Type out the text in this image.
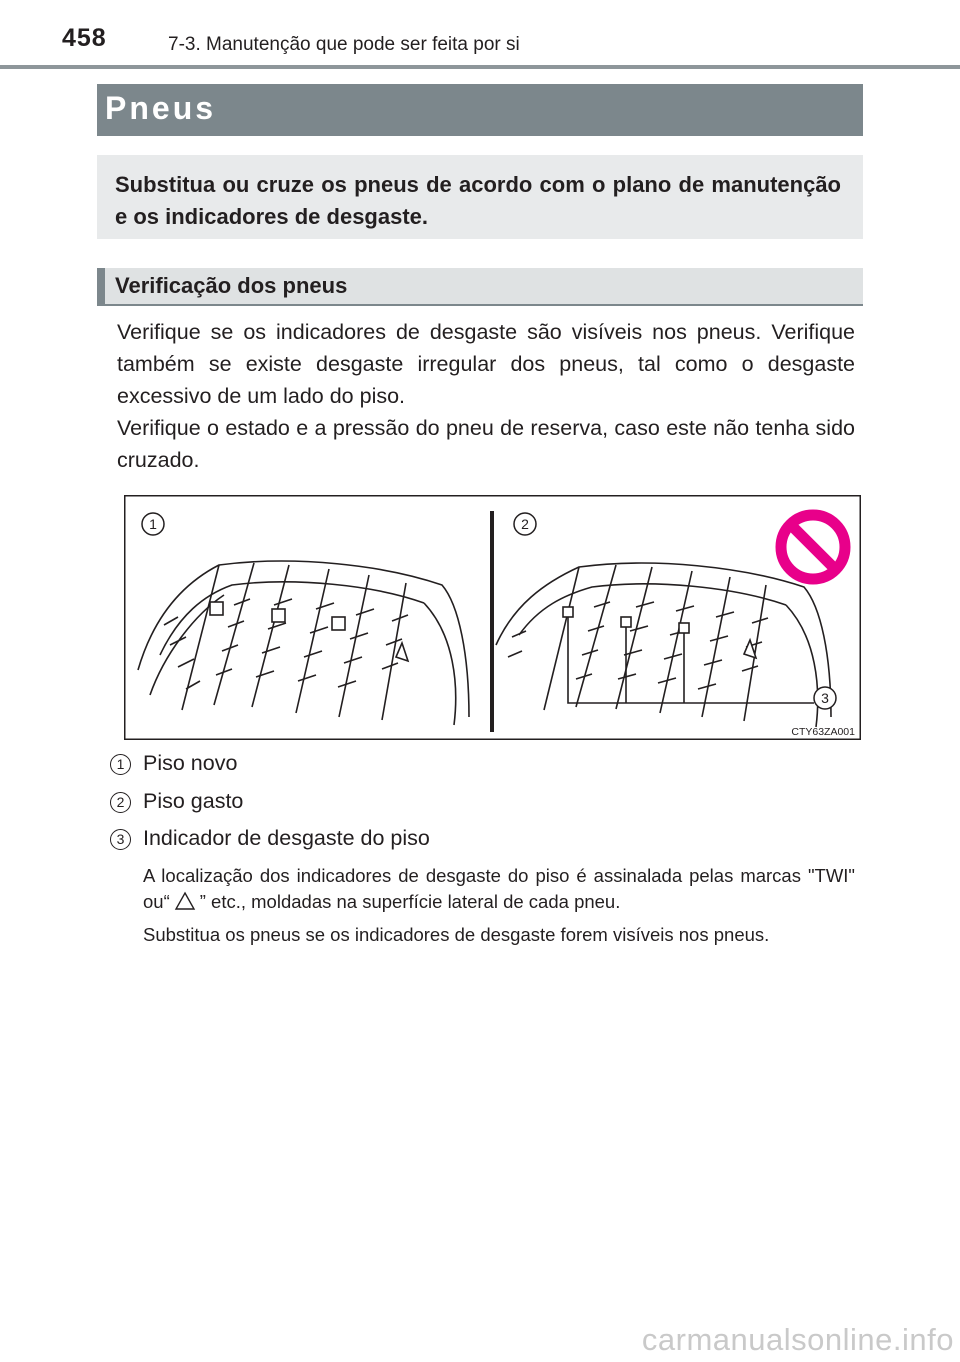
458	7-3. Manutenção que pode ser feita por si
Pneus

Substitua ou cruze os pneus de acordo com o plano de manutenção e os indicadores de desgaste.

Verificação dos pneus

Verifique se os indicadores de desgaste são visíveis nos pneus. Verifique também se existe desgaste irregular dos pneus, tal como o desgaste excessivo de um lado do piso.

Verifique o estado e a pressão do pneu de reserva, caso este não tenha sido cruzado.

1	2
3
CTY63ZA001
1 Piso novo
2 Piso gasto
3 Indicador de desgaste do piso

A localização dos indicadores de desgaste do piso é assinalada pelas marcas "TWI" ou“ ” etc., moldadas na superfície lateral de cada pneu.

Substitua os pneus se os indicadores de desgaste forem visíveis nos pneus.

carmanualsonline.info
